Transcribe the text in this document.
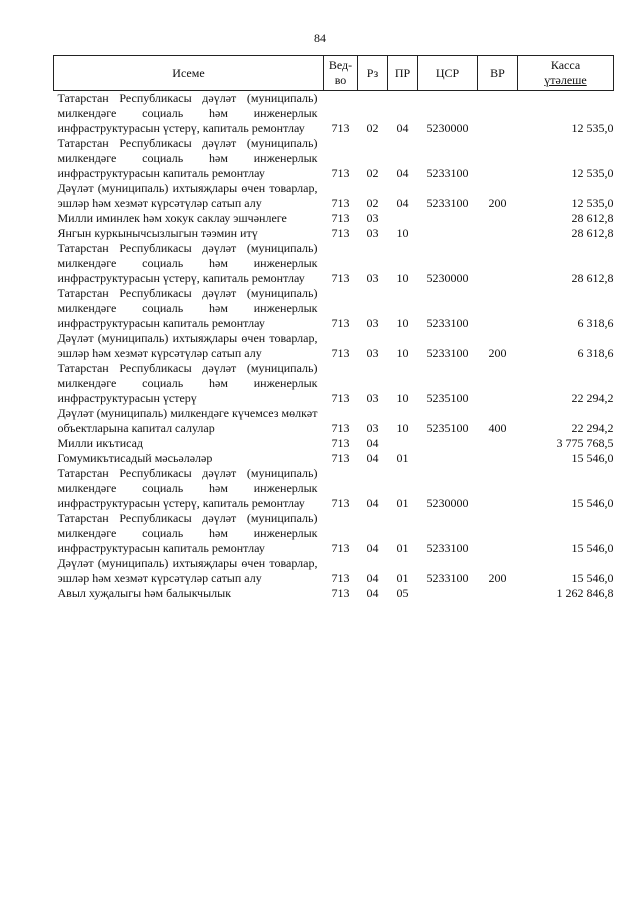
84
Исеме	Вед-во	Рз	ПР	ЦСР	ВР	Касса
үтәлеше

Татарстан Республикасы дәүләт (муниципаль) милкендәге социаль һәм инженерлык инфраструктурасын үстерү, капиталь ремонтлау	713	02	04	5230000		12 535,0
Татарстан Республикасы дәүләт (муниципаль) милкендәге социаль һәм инженерлык инфраструктурасын капиталь ремонтлау	713	02	04	5233100		12 535,0
Дәүләт (муниципаль) ихтыяҗлары өчен товарлар, эшләр һәм хезмәт күрсәтүләр сатып алу	713	02	04	5233100	200	12 535,0
Милли иминлек һәм хокук саклау эшчәнлеге	713	03				28 612,8
Янгын куркынычсызлыгын тәэмин итү	713	03	10			28 612,8
Татарстан Республикасы дәүләт (муниципаль) милкендәге социаль һәм инженерлык инфраструктурасын үстерү, капиталь ремонтлау	713	03	10	5230000		28 612,8
Татарстан Республикасы дәүләт (муниципаль) милкендәге социаль һәм инженерлык инфраструктурасын капиталь ремонтлау	713	03	10	5233100		6 318,6
Дәүләт (муниципаль) ихтыяҗлары өчен товарлар, эшләр һәм хезмәт күрсәтүләр сатып алу	713	03	10	5233100	200	6 318,6
Татарстан Республикасы дәүләт (муниципаль) милкендәге социаль һәм инженерлык инфраструктурасын үстерү	713	03	10	5235100		22 294,2
Дәүләт (муниципаль) милкендәге күчемсез мөлкәт объектларына капитал салулар	713	03	10	5235100	400	22 294,2
Милли икътисад	713	04				3 775 768,5
Гомумикътисадый мәсьәләләр	713	04	01			15 546,0
Татарстан Республикасы дәүләт (муниципаль) милкендәге социаль һәм инженерлык инфраструктурасын үстерү, капиталь ремонтлау	713	04	01	5230000		15 546,0
Татарстан Республикасы дәүләт (муниципаль) милкендәге социаль һәм инженерлык инфраструктурасын капиталь ремонтлау	713	04	01	5233100		15 546,0
Дәүләт (муниципаль) ихтыяҗлары өчен товарлар, эшләр һәм хезмәт күрсәтүләр сатып алу	713	04	01	5233100	200	15 546,0
Авыл хуҗалыгы һәм балыкчылык	713	04	05			1 262 846,8
